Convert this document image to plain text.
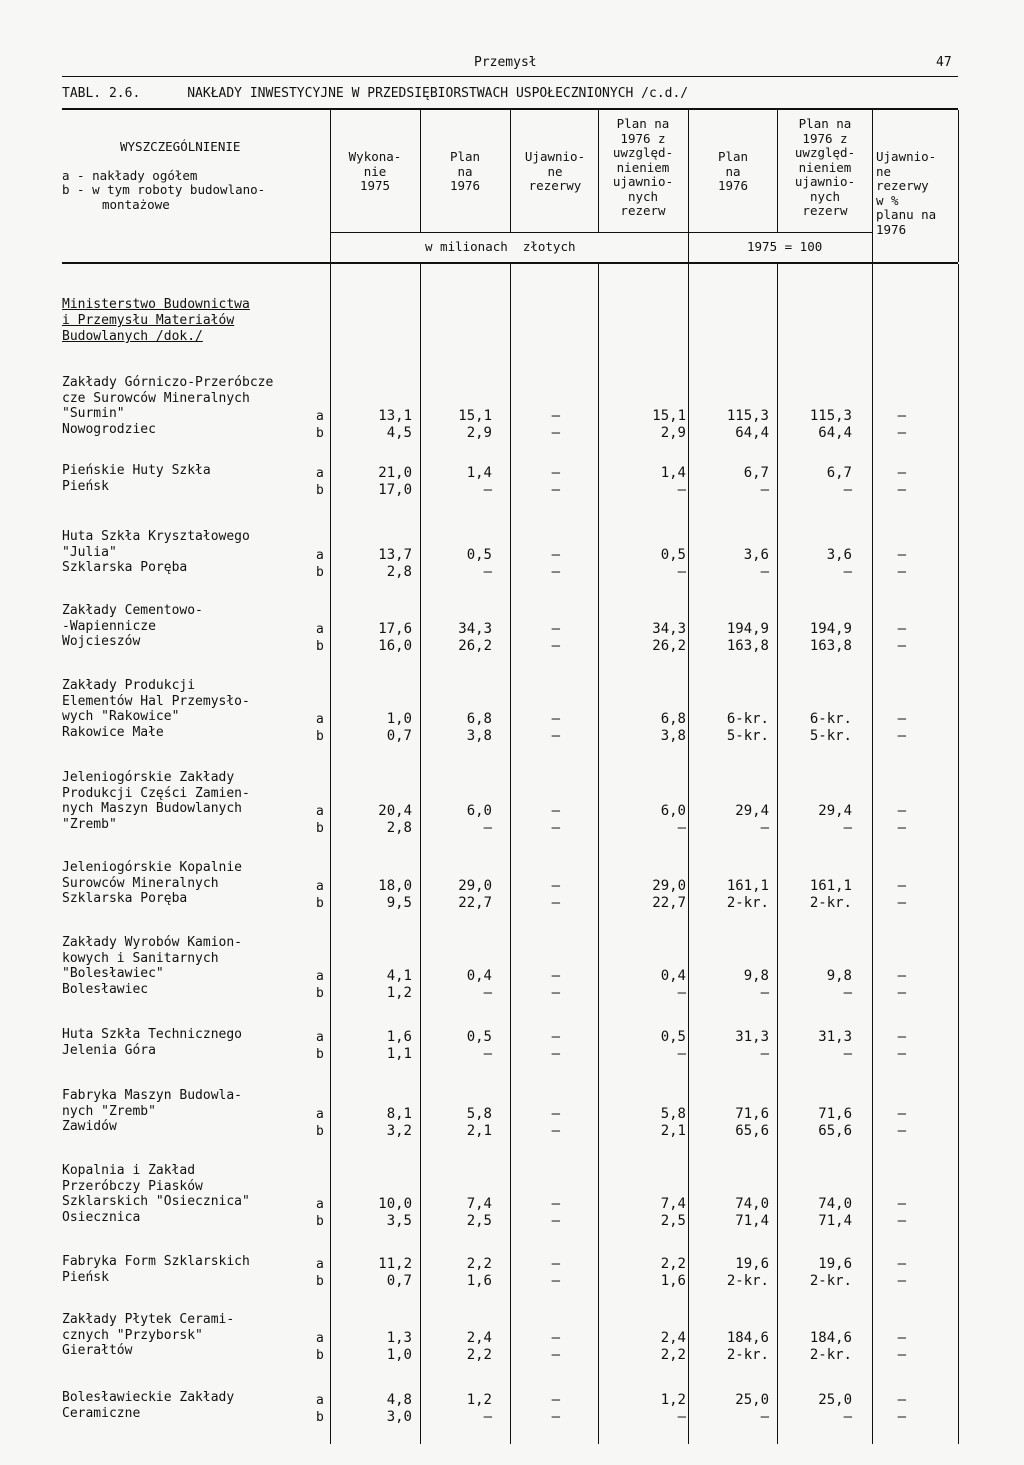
Przemysł	47
TABL. 2.6.      NAKŁADY INWESTYCYJNE W PRZEDSIĘBIORSTWACH USPOŁECZNIONYCH /c.d./
WYSZCZEGÓLNIENIE
a - nakłady ogółem
b - w tym roboty budowlano-
montażowe
Wykona-
nie
1975
Plan
na
1976
Ujawnio-
ne
rezerwy
Plan na
1976 z
uwzględ-
nieniem
ujawnio-
nych
rezerw
Plan
na
1976
Plan na
1976 z
uwzględ-
nieniem
ujawnio-
nych
rezerw
Ujawnio-
ne
rezerwy
w %
planu na
1976
w milionach  złotych	1975 = 100
Ministerstwo Budownictwa
i Przemysłu Materiałów
Budowlanych /dok./
Zakłady Górniczo-Przeróbcze
cze Surowców Mineralnych
"Surmin"
Nowogrodziec
a
b
13,1
4,5
15,1
2,9
–
–
15,1
2,9
115,3
64,4
115,3
64,4
–
–
Pieńskie Huty Szkła
Pieńsk
a
b
21,0
17,0
1,4
–
–
–
1,4
–
6,7
–
6,7
–
–
–
Huta Szkła Kryształowego
"Julia"
Szklarska Poręba
a
b
13,7
2,8
0,5
–
–
–
0,5
–
3,6
–
3,6
–
–
–
Zakłady Cementowo-
-Wapiennicze
Wojcieszów
a
b
17,6
16,0
34,3
26,2
–
–
34,3
26,2
194,9
163,8
194,9
163,8
–
–
Zakłady Produkcji
Elementów Hal Przemysło-
wych "Rakowice"
Rakowice Małe
a
b
1,0
0,7
6,8
3,8
–
–
6,8
3,8
6-kr.
5-kr.
6-kr.
5-kr.
–
–
Jeleniogórskie Zakłady
Produkcji Części Zamien-
nych Maszyn Budowlanych
"Zremb"
a
b
20,4
2,8
6,0
–
–
–
6,0
–
29,4
–
29,4
–
–
–
Jeleniogórskie Kopalnie
Surowców Mineralnych
Szklarska Poręba
a
b
18,0
9,5
29,0
22,7
–
–
29,0
22,7
161,1
2-kr.
161,1
2-kr.
–
–
Zakłady Wyrobów Kamion-
kowych i Sanitarnych
"Bolesławiec"
Bolesławiec
a
b
4,1
1,2
0,4
–
–
–
0,4
–
9,8
–
9,8
–
–
–
Huta Szkła Technicznego
Jelenia Góra
a
b
1,6
1,1
0,5
–
–
–
0,5
–
31,3
–
31,3
–
–
–
Fabryka Maszyn Budowla-
nych "Zremb"
Zawidów
a
b
8,1
3,2
5,8
2,1
–
–
5,8
2,1
71,6
65,6
71,6
65,6
–
–
Kopalnia i Zakład
Przeróbczy Piasków
Szklarskich "Osiecznica"
Osiecznica
a
b
10,0
3,5
7,4
2,5
–
–
7,4
2,5
74,0
71,4
74,0
71,4
–
–
Fabryka Form Szklarskich
Pieńsk
a
b
11,2
0,7
2,2
1,6
–
–
2,2
1,6
19,6
2-kr.
19,6
2-kr.
–
–
Zakłady Płytek Cerami-
cznych "Przyborsk"
Gierałtów
a
b
1,3
1,0
2,4
2,2
–
–
2,4
2,2
184,6
2-kr.
184,6
2-kr.
–
–
Bolesławieckie Zakłady
Ceramiczne
a
b
4,8
3,0
1,2
–
–
–
1,2
–
25,0
–
25,0
–
–
–
